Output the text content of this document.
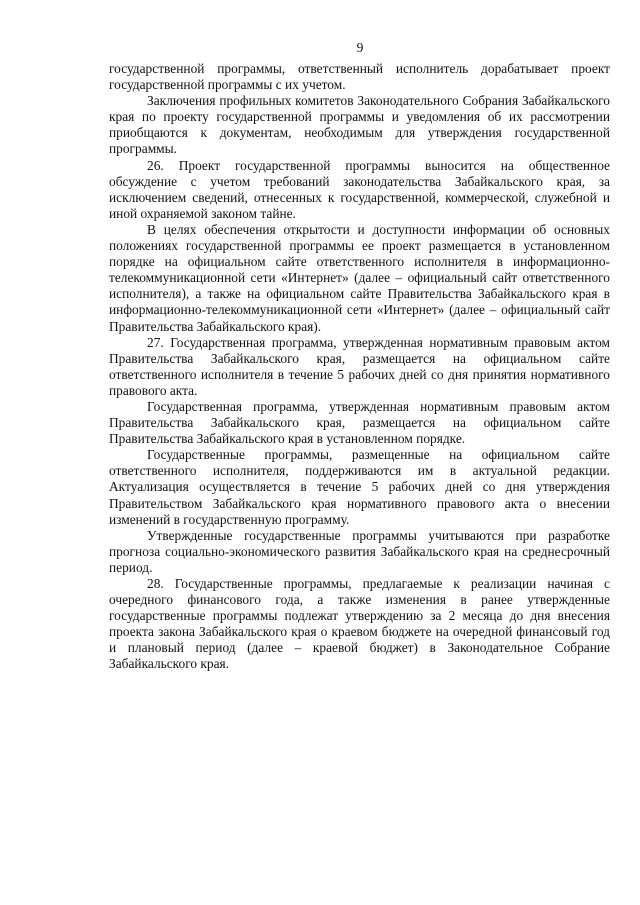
9

государственной программы, ответственный исполнитель дорабатывает проект государственной программы с их учетом.

Заключения профильных комитетов Законодательного Собрания Забайкальского края по проекту государственной программы и уведомления об их рассмотрении приобщаются к документам, необходимым для утверждения государственной программы.

26. Проект государственной программы выносится на общественное обсуждение с учетом требований законодательства Забайкальского края, за исключением сведений, отнесенных к государственной, коммерческой, служебной и иной охраняемой законом тайне.

В целях обеспечения открытости и доступности информации об основных положениях государственной программы ее проект размещается в установленном порядке на официальном сайте ответственного исполнителя в информационно-телекоммуникационной сети «Интернет» (далее – официальный сайт ответственного исполнителя), а также на официальном сайте Правительства Забайкальского края в информационно-телекоммуникационной сети «Интернет» (далее – официальный сайт Правительства Забайкальского края).

27. Государственная программа, утвержденная нормативным правовым актом Правительства Забайкальского края, размещается на официальном сайте ответственного исполнителя в течение 5 рабочих дней со дня принятия нормативного правового акта.

Государственная программа, утвержденная нормативным правовым актом Правительства Забайкальского края, размещается на официальном сайте Правительства Забайкальского края в установленном порядке.

Государственные программы, размещенные на официальном сайте ответственного исполнителя, поддерживаются им в актуальной редакции. Актуализация осуществляется в течение 5 рабочих дней со дня утверждения Правительством Забайкальского края нормативного правового акта о внесении изменений в государственную программу.

Утвержденные государственные программы учитываются при разработке прогноза социально-экономического развития Забайкальского края на среднесрочный период.

28. Государственные программы, предлагаемые к реализации начиная с очередного финансового года, а также изменения в ранее утвержденные государственные программы подлежат утверждению за 2 месяца до дня внесения проекта закона Забайкальского края о краевом бюджете на очередной финансовый год и плановый период (далее – краевой бюджет) в Законодательное Собрание Забайкальского края.
